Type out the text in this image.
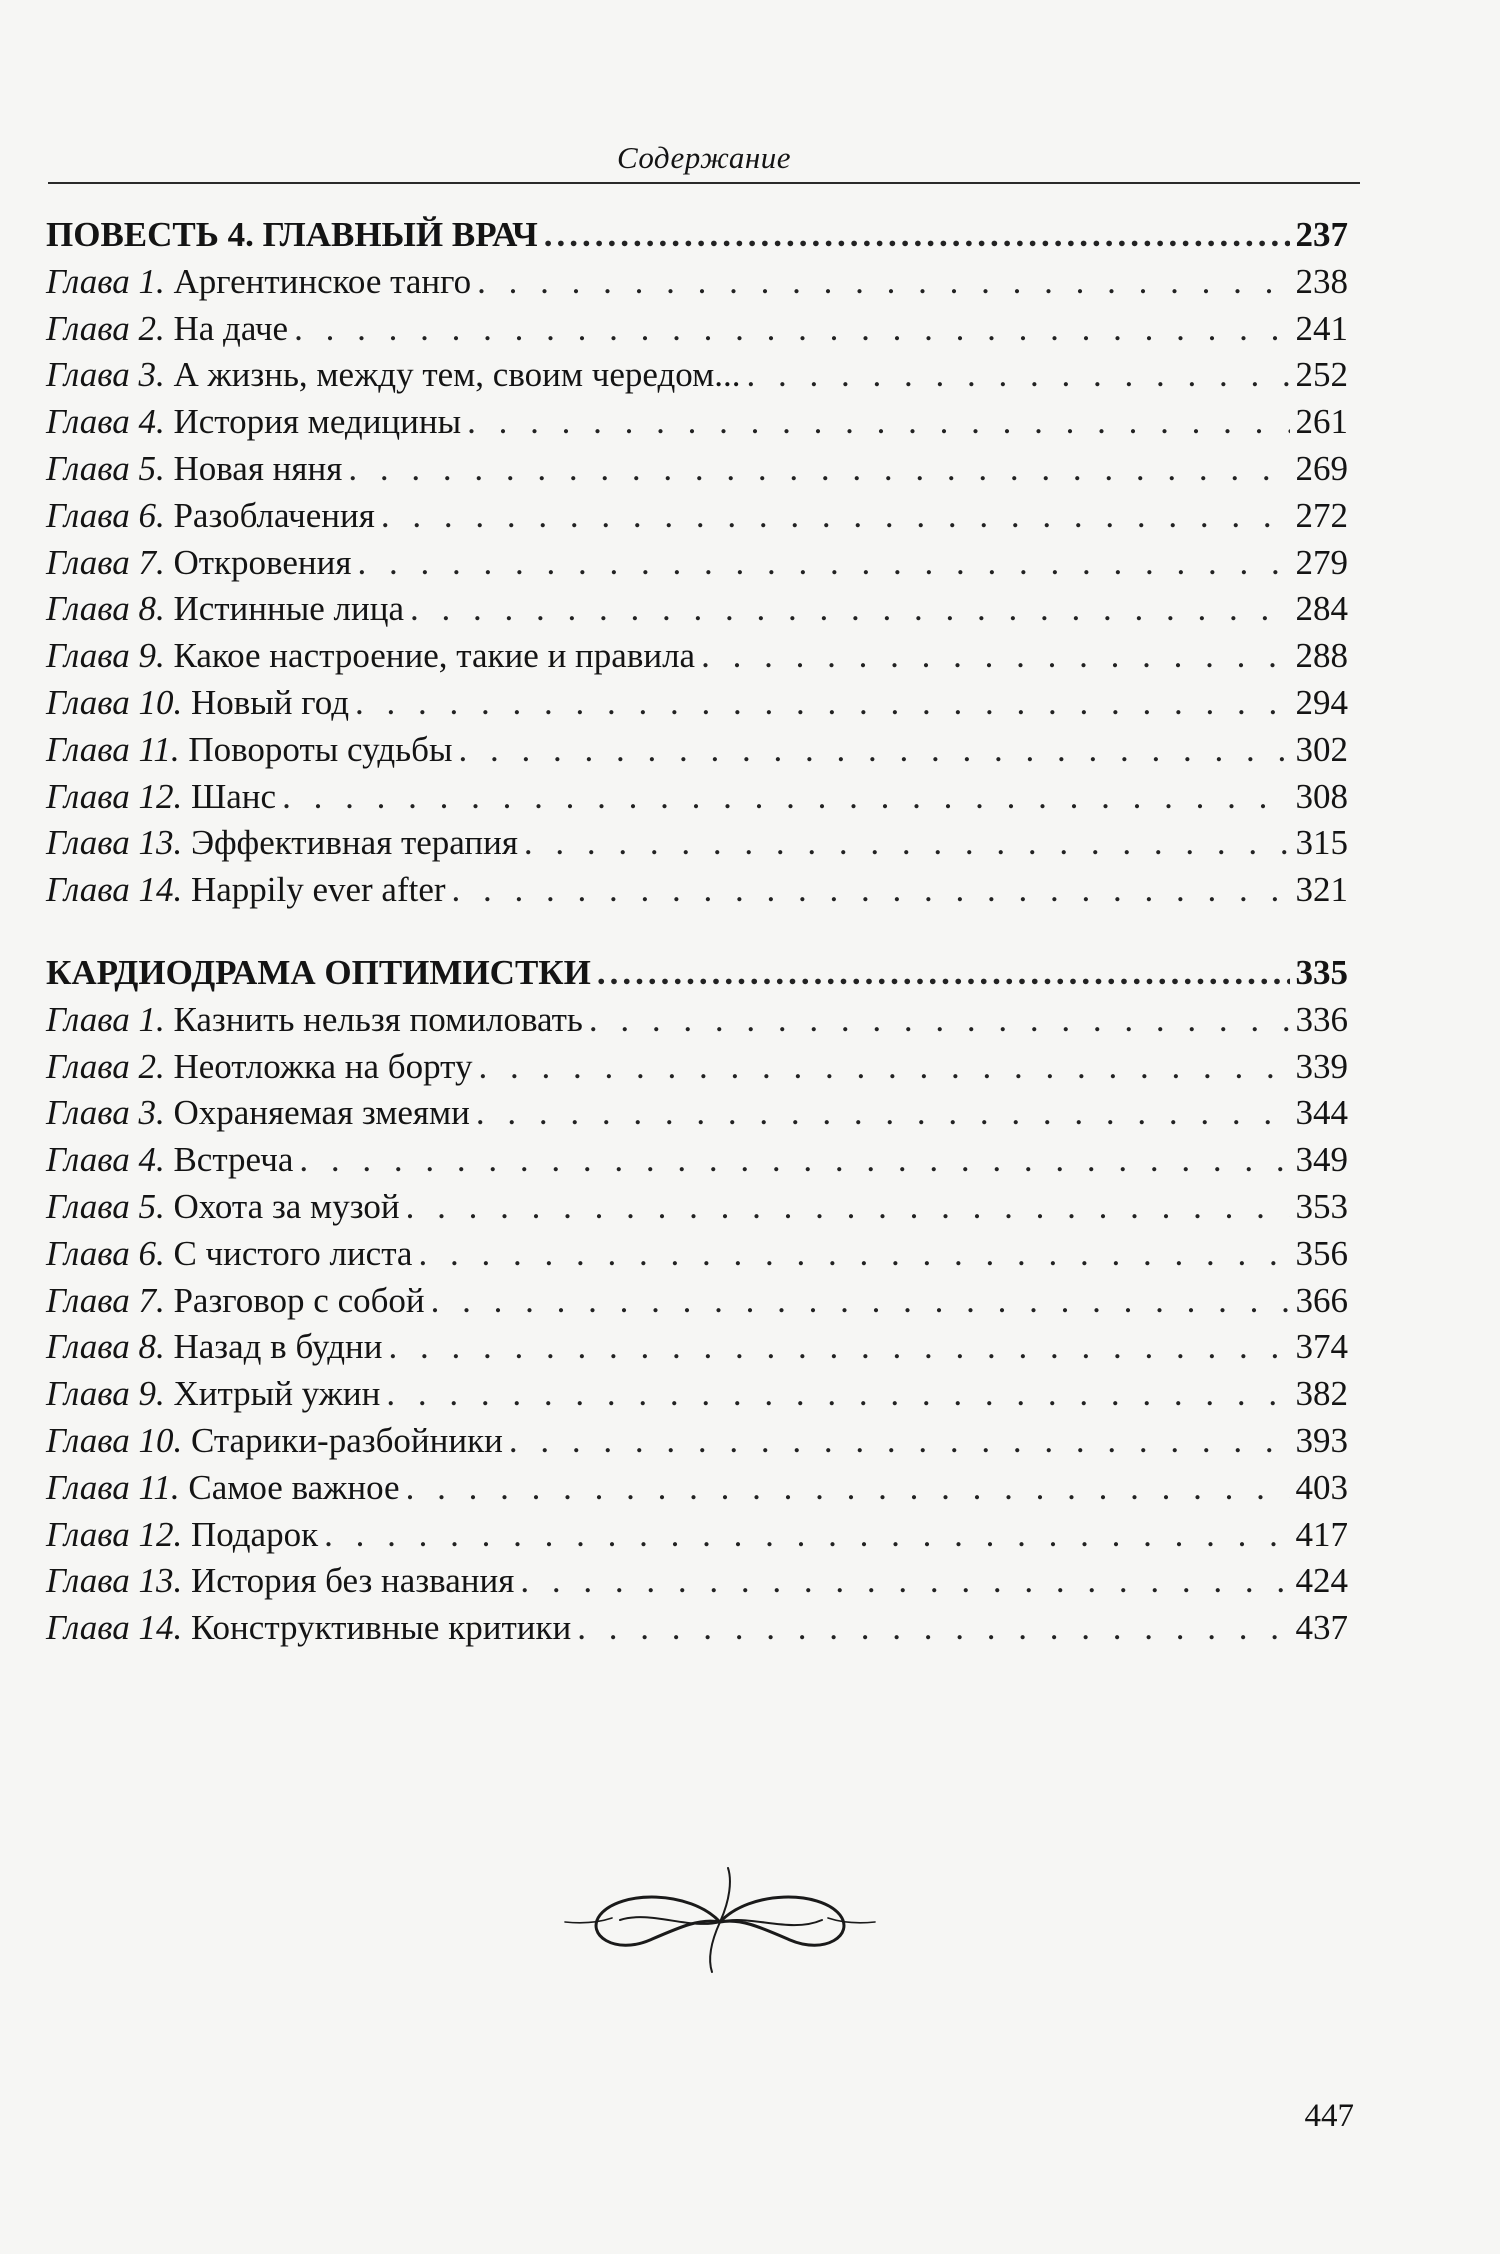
Содержание
ПОВЕСТЬ 4. ГЛАВНЫЙ ВРАЧ .....	237
Глава 1. Аргентинское танго . . .	238
Глава 2. На даче . . .	241
Глава 3. А жизнь, между тем, своим чередом... . . .	252
Глава 4. История медицины . . .	261
Глава 5. Новая няня . . .	269
Глава 6. Разоблачения . . .	272
Глава 7. Откровения . . .	279
Глава 8. Истинные лица . . .	284
Глава 9. Какое настроение, такие и правила . . .	288
Глава 10. Новый год . . .	294
Глава 11. Повороты судьбы . . .	302
Глава 12. Шанс . . .	308
Глава 13. Эффективная терапия . . .	315
Глава 14. Happily ever after . . .	321
КАРДИОДРАМА ОПТИМИСТКИ .....	335
Глава 1. Казнить нельзя помиловать . . .	336
Глава 2. Неотложка на борту . . .	339
Глава 3. Охраняемая змеями . . .	344
Глава 4. Встреча . . .	349
Глава 5. Охота за музой . . .	353
Глава 6. С чистого листа . . .	356
Глава 7. Разговор с собой . . .	366
Глава 8. Назад в будни . . .	374
Глава 9. Хитрый ужин . . .	382
Глава 10. Старики-разбойники . . .	393
Глава 11. Самое важное . . .	403
Глава 12. Подарок . . .	417
Глава 13. История без названия . . .	424
Глава 14. Конструктивные критики . . .	437
447
